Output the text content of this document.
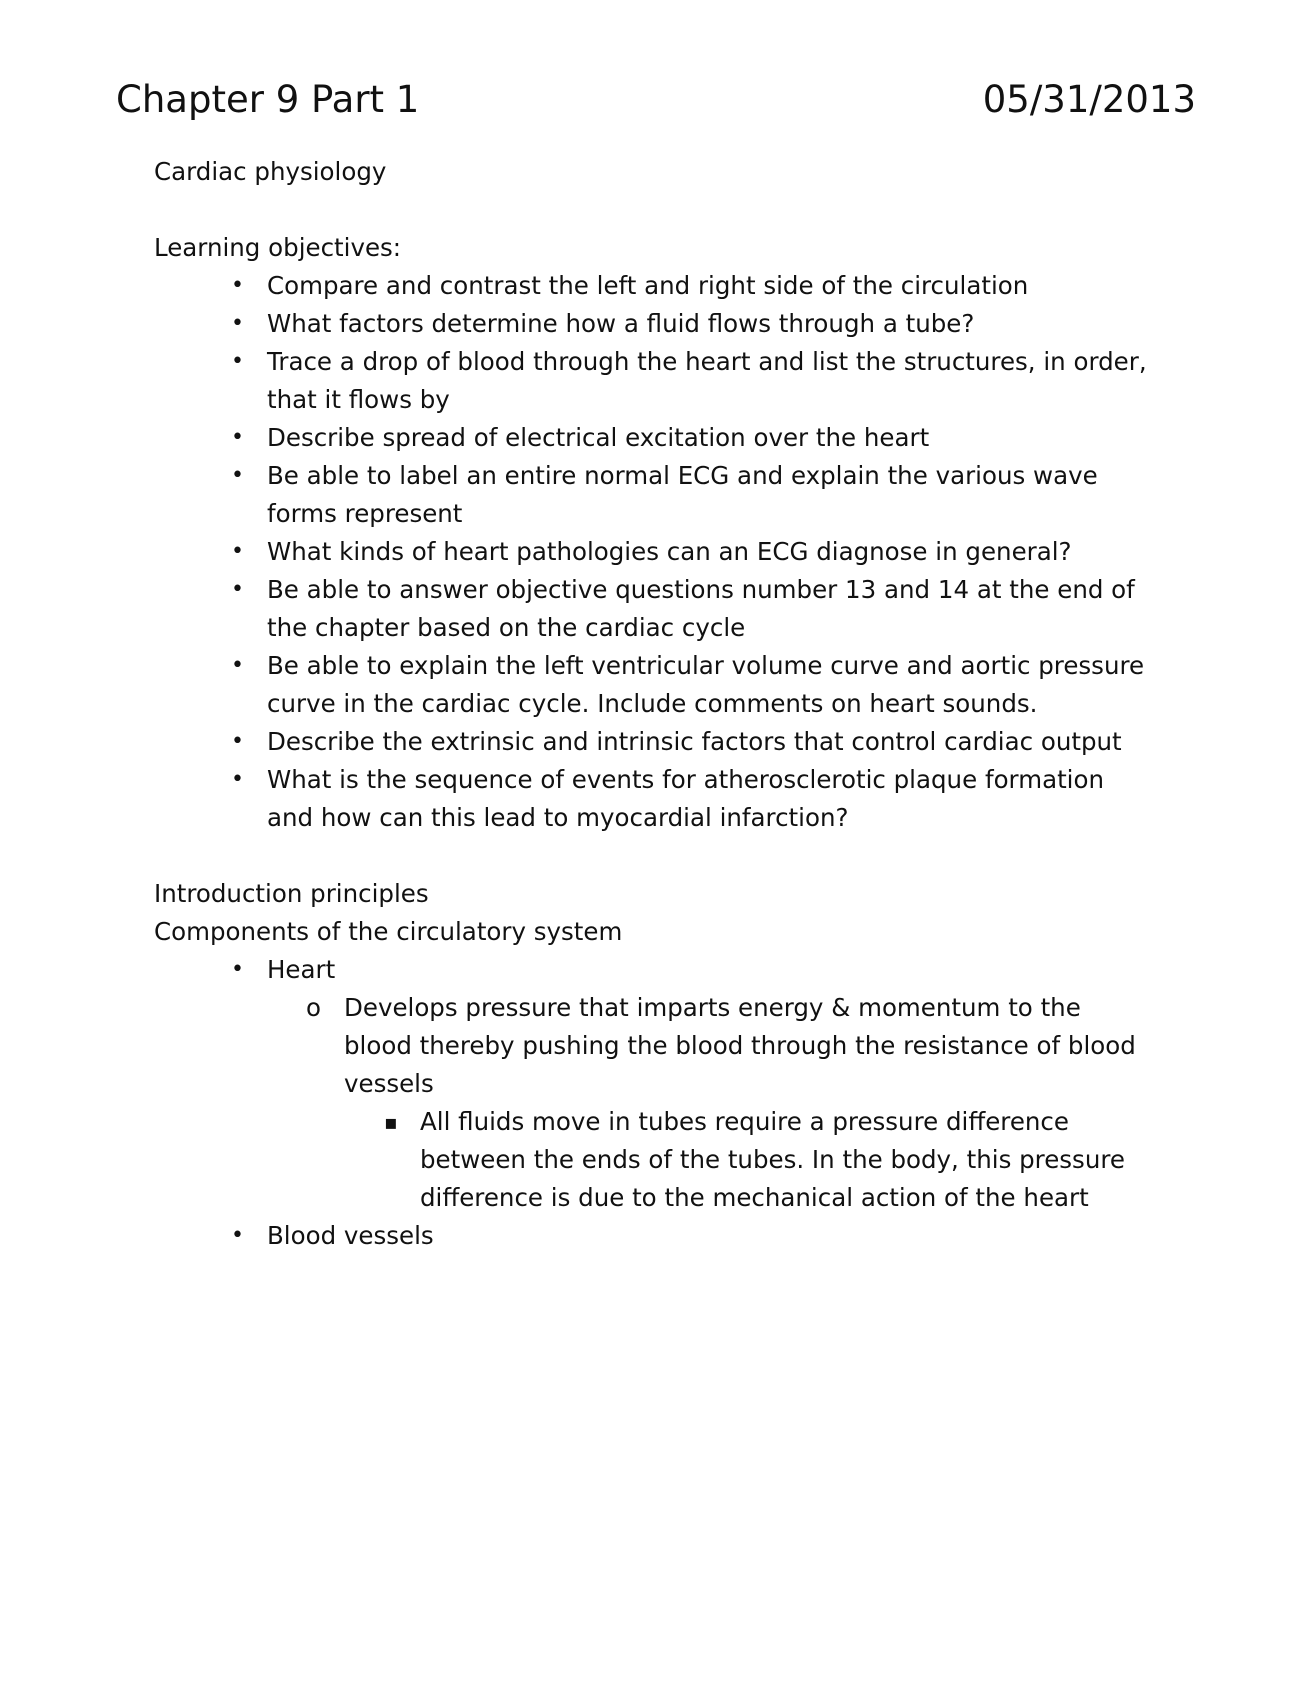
Chapter 9 Part 1	05/31/2013
Cardiac physiology
Learning objectives:
• Compare and contrast the left and right side of the circulation
• What factors determine how a fluid flows through a tube?
• Trace a drop of blood through the heart and list the structures, in order, that it flows by
• Describe spread of electrical excitation over the heart
• Be able to label an entire normal ECG and explain the various wave forms represent
• What kinds of heart pathologies can an ECG diagnose in general?
• Be able to answer objective questions number 13 and 14 at the end of the chapter based on the cardiac cycle
• Be able to explain the left ventricular volume curve and aortic pressure curve in the cardiac cycle. Include comments on heart sounds.
• Describe the extrinsic and intrinsic factors that control cardiac output
• What is the sequence of events for atherosclerotic plaque formation and how can this lead to myocardial infarction?
Introduction principles
Components of the circulatory system
• Heart
o Develops pressure that imparts energy & momentum to the blood thereby pushing the blood through the resistance of blood vessels
▪ All fluids move in tubes require a pressure difference between the ends of the tubes. In the body, this pressure difference is due to the mechanical action of the heart
• Blood vessels
